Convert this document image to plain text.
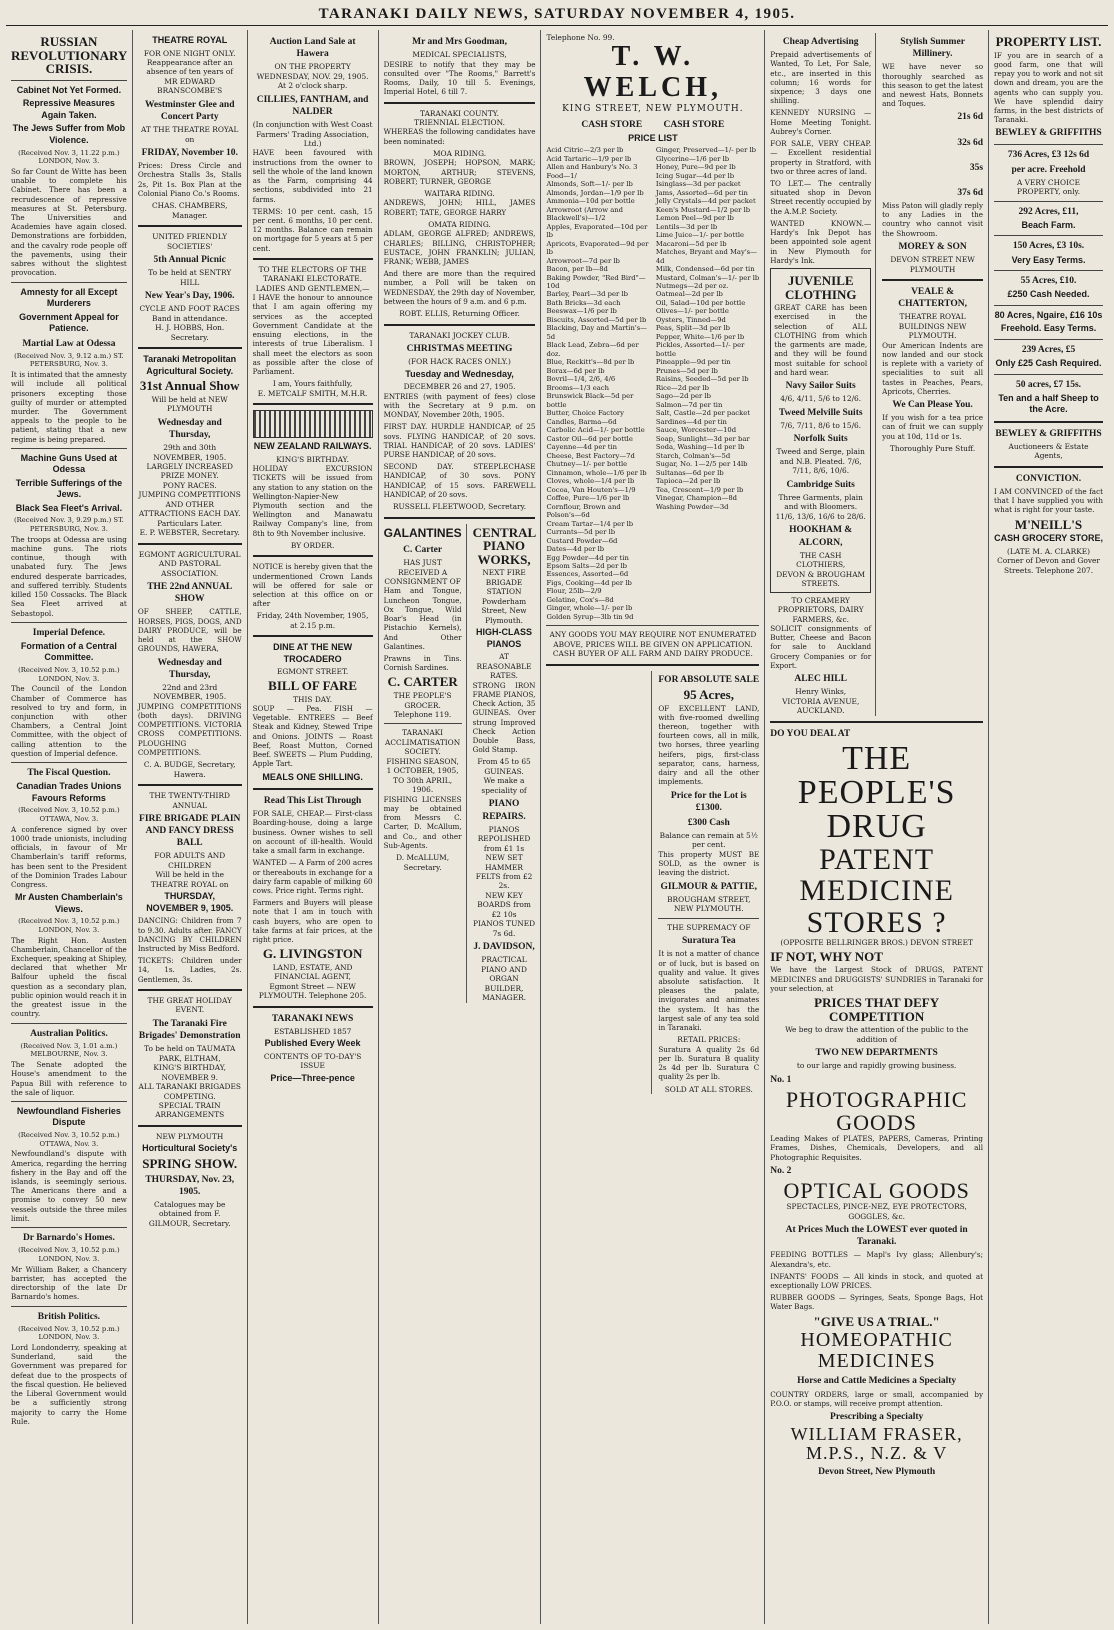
TARANAKI DAILY NEWS, SATURDAY NOVEMBER 4, 1905.
RUSSIAN REVOLUTIONARY CRISIS.
Cabinet Not Yet Formed.
Repressive Measures Again Taken.
The Jews Suffer from Mob Violence.
(Received Nov. 3, 11.22 p.m.) LONDON, Nov. 3.

So far Count de Witte has been unable to complete his Cabinet. There has been a recrudescence of repressive measures at St. Petersburg. The Universities and Academies have again closed. Demonstrations are forbidden, and the cavalry rode people off the pavements, using their sabres without the slightest provocation.

Amnesty for all Except Murderers
Government Appeal for Patience.
Martial Law at Odessa
(Received Nov. 3, 9.12 a.m.) ST. PETERSBURG, Nov. 3.

It is intimated that the amnesty will include all political prisoners excepting those guilty of murder or attempted murder. The Government appeals to the people to be patient, stating that a new regime is being prepared.

Machine Guns Used at Odessa
Terrible Sufferings of the Jews.
Black Sea Fleet's Arrival.
(Received Nov. 3, 9.29 p.m.) ST. PETERSBURG, Nov. 3.

The troops at Odessa are using machine guns. The riots continue, though with unabated fury. The Jews endured desperate barricades, and suffered terribly. Students killed 150 Cossacks. The Black Sea Fleet arrived at Sebastopol.

Imperial Defence.
Formation of a Central Committee.
(Received Nov. 3, 10.52 p.m.) LONDON, Nov. 3.

The Council of the London Chamber of Commerce has resolved to try and form, in conjunction with other Chambers, a Central Joint Committee, with the object of calling attention to the question of Imperial defence.

The Fiscal Question.
Canadian Trades Unions Favours Reforms
(Received Nov. 3, 10.52 p.m.) OTTAWA, Nov. 3.

A conference signed by over 1000 trade unionists, including officials, in favour of Mr Chamberlain's tariff reforms, has been sent to the President of the Dominion Trades Labour Congress.

Mr Austen Chamberlain's Views.
(Received Nov. 3, 10.52 p.m.) LONDON, Nov. 3.

The Right Hon. Austen Chamberlain, Chancellor of the Exchequer, speaking at Shipley, declared that whether Mr Balfour upheld the fiscal question as a secondary plan, public opinion would reach it in the greatest issue in the country.

Australian Politics.
(Received Nov. 3, 1.01 a.m.) MELBOURNE, Nov. 3.

The Senate adopted the House's amendment to the Papua Bill with reference to the sale of liquor.

Newfoundland Fisheries Dispute
(Received Nov. 3, 10.52 p.m.) OTTAWA, Nov. 3.

Newfoundland's dispute with America, regarding the herring fishery in the Bay and off the islands, is seemingly serious. The Americans there and a promise to convey 50 new vessels outside the three miles limit.

Dr Barnardo's Homes.
(Received Nov. 3, 10.52 p.m.) LONDON, Nov. 3.

Mr William Baker, a Chancery barrister, has accepted the directorship of the late Dr Barnardo's homes.

British Politics.
(Received Nov. 3, 10.52 p.m.) LONDON, Nov. 3.

Lord Londonderry, speaking at Sunderland, said the Government was prepared for defeat due to the prospects of the fiscal question. He believed the Liberal Government would be a sufficiently strong majority to carry the Home Rule.

THEATRE ROYAL
FOR ONE NIGHT ONLY.
Reappearance after an absence of ten years of
MR EDWARD BRANSCOMBE'S
Westminster Glee and Concert Party
AT THE THEATRE ROYAL on
FRIDAY, November 10.

Prices: Dress Circle and Orchestra Stalls 3s, Stalls 2s, Pit 1s. Box Plan at the Colonial Piano Co.'s Rooms.

CHAS. CHAMBERS, Manager.
UNITED FRIENDLY SOCIETIES'
5th Annual Picnic
To be held at SENTRY HILL
New Year's Day, 1906.
CYCLE AND FOOT RACES
Band in attendance.
H. J. HOBBS, Hon. Secretary.
Taranaki Metropolitan Agricultural Society.
31st Annual Show
Will be held at NEW PLYMOUTH
Wednesday and Thursday,
29th and 30th NOVEMBER, 1905.
LARGELY INCREASED PRIZE MONEY.
PONY RACES.
JUMPING COMPETITIONS AND OTHER ATTRACTIONS EACH DAY.
Particulars Later.
E. P. WEBSTER, Secretary.
EGMONT AGRICULTURAL AND PASTORAL ASSOCIATION.
THE 22nd ANNUAL SHOW

OF SHEEP, CATTLE, HORSES, PIGS, DOGS, AND DAIRY PRODUCE, will be held at the SHOW GROUNDS, HAWERA,

Wednesday and Thursday,
22nd and 23rd NOVEMBER, 1905.

JUMPING COMPETITIONS (both days). DRIVING COMPETITIONS. VICTORIA CROSS COMPETITIONS. PLOUGHING COMPETITIONS.

C. A. BUDGE, Secretary, Hawera.
THE TWENTY-THIRD ANNUAL
FIRE BRIGADE PLAIN AND FANCY DRESS BALL
FOR ADULTS AND CHILDREN
Will be held in the THEATRE ROYAL on
THURSDAY, NOVEMBER 9, 1905.

DANCING: Children from 7 to 9.30. Adults after. FANCY DANCING BY CHILDREN Instructed by Miss Bedford.

TICKETS: Children under 14, 1s. Ladies, 2s. Gentlemen, 3s.

THE GREAT HOLIDAY EVENT.
The Taranaki Fire Brigades' Demonstration
To be held on TAUMATA PARK, ELTHAM,
KING'S BIRTHDAY, NOVEMBER 9.
ALL TARANAKI BRIGADES COMPETING.
SPECIAL TRAIN ARRANGEMENTS
NEW PLYMOUTH
Horticultural Society's
SPRING SHOW.
THURSDAY, Nov. 23, 1905.
Catalogues may be obtained from F. GILMOUR, Secretary.
Auction Land Sale at Hawera
ON THE PROPERTY
WEDNESDAY, NOV. 29, 1905.
At 2 o'clock sharp.
CILLIES, FANTHAM, and NALDER
(In conjunction with West Coast Farmers' Trading Association, Ltd.)

HAVE been favoured with instructions from the owner to sell the whole of the land known as the Farm, comprising 44 sections, subdivided into 21 farms.

TERMS: 10 per cent. cash, 15 per cent. 6 months, 10 per cent. 12 months. Balance can remain on mortgage for 5 years at 5 per cent.

TO THE ELECTORS OF THE TARANAKI ELECTORATE.
LADIES AND GENTLEMEN,—

I HAVE the honour to announce that I am again offering my services as the accepted Government Candidate at the ensuing elections, in the interests of true Liberalism. I shall meet the electors as soon as possible after the close of Parliament.

I am, Yours faithfully,
E. METCALF SMITH, M.H.R.
NEW ZEALAND RAILWAYS.
KING'S BIRTHDAY.

HOLIDAY EXCURSION TICKETS will be issued from any station to any station on the Wellington-Napier-New Plymouth section and the Wellington and Manawatu Railway Company's line, from 8th to 9th November inclusive.

BY ORDER.

NOTICE is hereby given that the undermentioned Crown Lands will be offered for sale or selection at this office on or after

Friday, 24th November, 1905, at 2.15 p.m.
DINE AT THE NEW TROCADERO
EGMONT STREET.
BILL OF FARE
THIS DAY.

SOUP — Pea. FISH — Vegetable. ENTREES — Beef Steak and Kidney, Stewed Tripe and Onions. JOINTS — Roast Beef, Roast Mutton, Corned Beef. SWEETS — Plum Pudding, Apple Tart.

MEALS ONE SHILLING.
Read This List Through

FOR SALE, CHEAP.— First-class Boarding-house, doing a large business. Owner wishes to sell on account of ill-health. Would take a small farm in exchange.

WANTED — A Farm of 200 acres or thereabouts in exchange for a dairy farm capable of milking 60 cows. Price right. Terms right.

Farmers and Buyers will please note that I am in touch with cash buyers, who are open to take farms at fair prices, at the right price.

G. LIVINGSTON
LAND, ESTATE, AND FINANCIAL AGENT,
Egmont Street — NEW PLYMOUTH. Telephone 205.
TARANAKI NEWS
ESTABLISHED 1857
Published Every Week
CONTENTS OF TO-DAY'S ISSUE
Price—Three-pence
Mr and Mrs Goodman,
MEDICAL SPECIALISTS,

DESIRE to notify that they may be consulted over "The Rooms," Barrett's Rooms, Daily, 10 till 5. Evenings, Imperial Hotel, 6 till 7.

TARANAKI COUNTY.
TRIENNIAL ELECTION.

WHEREAS the following candidates have been nominated:

MOA RIDING.

BROWN, JOSEPH; HOPSON, MARK; MORTON, ARTHUR; STEVENS, ROBERT; TURNER, GEORGE

WAITARA RIDING.

ANDREWS, JOHN; HILL, JAMES ROBERT; TATE, GEORGE HARRY

OMATA RIDING.

ADLAM, GEORGE ALFRED; ANDREWS, CHARLES; BILLING, CHRISTOPHER; EUSTACE, JOHN FRANKLIN; JULIAN, FRANK; WEBB, JAMES

And there are more than the required number, a Poll will be taken on WEDNESDAY, the 29th day of November, between the hours of 9 a.m. and 6 p.m.

ROBT. ELLIS, Returning Officer.
TARANAKI JOCKEY CLUB.
CHRISTMAS MEETING
(FOR HACK RACES ONLY.)
Tuesday and Wednesday,
DECEMBER 26 and 27, 1905.

ENTRIES (with payment of fees) close with the Secretary at 9 p.m. on MONDAY, November 20th, 1905.

FIRST DAY. HURDLE HANDICAP, of 25 sovs. FLYING HANDICAP, of 20 sovs. TRIAL HANDICAP, of 20 sovs. LADIES' PURSE HANDICAP, of 20 sovs.

SECOND DAY. STEEPLECHASE HANDICAP, of 30 sovs. PONY HANDICAP, of 15 sovs. FAREWELL HANDICAP, of 20 sovs.

RUSSELL FLEETWOOD, Secretary.
GALANTINES
C. Carter
HAS JUST RECEIVED A CONSIGNMENT OF

Ham and Tongue, Luncheon Tongue, Ox Tongue, Wild Boar's Head (in Pistachio Kernels), And Other Galantines.

Prawns in Tins. Cornish Sardines.

C. CARTER
THE PEOPLE'S GROCER.
Telephone 119.
TARANAKI ACCLIMATISATION SOCIETY.
FISHING SEASON, 1 OCTOBER, 1905, TO 30th APRIL, 1906.

FISHING LICENSES may be obtained from Messrs C. Carter, D. McAllum, and Co., and other Sub-Agents.

D. McALLUM, Secretary.
CENTRAL PIANO WORKS,
NEXT FIRE BRIGADE STATION
Powderham Street, New Plymouth.
HIGH-CLASS PIANOS
AT REASONABLE RATES.

STRONG IRON FRAME PIANOS, Check Action, 35 GUINEAS. Over strung Improved Check Action Double Bass, Gold Stamp.

From 45 to 65 GUINEAS.
We make a speciality of
PIANO REPAIRS.
PIANOS REPOLISHED from £1 1s
NEW SET HAMMER FELTS from £2 2s.
NEW KEY BOARDS from £2 10s
PIANOS TUNED 7s 6d.
J. DAVIDSON,
PRACTICAL PIANO AND ORGAN BUILDER, MANAGER.
Telephone No. 99.
T. W. WELCH,
KING STREET, NEW PLYMOUTH.
CASH STORE         CASH STORE
PRICE LIST
Acid Citric—2/3 per lb
Acid Tartaric—1/9 per lb
Allen and Hanbury's No. 3 Food—1/
Almonds, Soft—1/- per lb
Almonds, Jordan—1/9 per lb
Ammonia—10d per bottle
Arrowroot (Arrow and Blackwell's)—1/2
Apples, Evaporated—10d per lb
Apricots, Evaporated—9d per lb
Arrowroot—7d per lb
Bacon, per lb—8d
Baking Powder, "Red Bird"—10d
Barley, Pearl—3d per lb
Bath Bricks—3d each
Beeswax—1/6 per lb
Biscuits, Assorted—5d per lb
Blacking, Day and Martin's—5d
Black Lead, Zebra—6d per doz.
Blue, Reckitt's—8d per lb
Borax—6d per lb
Bovril—1/4, 2/6, 4/6
Brooms—1/3 each
Brunswick Black—5d per bottle
Butter, Choice Factory
Candles, Barma—6d
Carbolic Acid—1/- per bottle
Castor Oil—6d per bottle
Cayenne—4d per tin
Cheese, Best Factory—7d
Chutney—1/- per bottle
Cinnamon, whole—1/6 per lb
Cloves, whole—1/4 per lb
Cocoa, Van Houten's—1/9
Coffee, Pure—1/6 per lb
Cornflour, Brown and Polson's—6d
Cream Tartar—1/4 per lb
Currants—5d per lb
Custard Powder—6d
Dates—4d per lb
Egg Powder—4d per tin
Epsom Salts—2d per lb
Essences, Assorted—6d
Figs, Cooking—4d per lb
Flour, 25lb—2/9
Gelatine, Cox's—8d
Ginger, whole—1/- per lb
Golden Syrup—3lb tin 9d
Ginger, Preserved—1/- per lb
Glycerine—1/6 per lb
Honey, Pure—9d per lb
Icing Sugar—4d per lb
Isinglass—3d per packet
Jams, Assorted—6d per tin
Jelly Crystals—4d per packet
Keen's Mustard—1/2 per lb
Lemon Peel—9d per lb
Lentils—3d per lb
Lime Juice—1/- per bottle
Macaroni—5d per lb
Matches, Bryant and May's—4d
Milk, Condensed—6d per tin
Mustard, Colman's—1/- per lb
Nutmegs—2d per oz.
Oatmeal—2d per lb
Oil, Salad—10d per bottle
Olives—1/- per bottle
Oysters, Tinned—9d
Peas, Split—3d per lb
Pepper, White—1/6 per lb
Pickles, Assorted—1/- per bottle
Pineapple—9d per tin
Prunes—5d per lb
Raisins, Seeded—5d per lb
Rice—2d per lb
Sago—2d per lb
Salmon—7d per tin
Salt, Castle—2d per packet
Sardines—4d per tin
Sauce, Worcester—10d
Soap, Sunlight—3d per bar
Soda, Washing—1d per lb
Starch, Colman's—5d
Sugar, No. 1—2/5 per 14lb
Sultanas—6d per lb
Tapioca—2d per lb
Tea, Crescent—1/9 per lb
Vinegar, Champion—8d
Washing Powder—3d
ANY GOODS YOU MAY REQUIRE NOT ENUMERATED ABOVE, PRICES WILL BE GIVEN ON APPLICATION.
CASH BUYER OF ALL FARM AND DAIRY PRODUCE.
FOR ABSOLUTE SALE
95 Acres,

OF EXCELLENT LAND, with five-roomed dwelling thereon, together with fourteen cows, all in milk, two horses, three yearling heifers, pigs, first-class separator, cans, harness, dairy and all the other implements.

Price for the Lot is £1300.
£300 Cash
Balance can remain at 5½ per cent.

This property MUST BE SOLD, as the owner is leaving the district.

GILMOUR & PATTIE,
BROUGHAM STREET,
NEW PLYMOUTH.
THE SUPREMACY OF
Suratura Tea

It is not a matter of chance or of luck, but is based on quality and value. It gives absolute satisfaction. It pleases the palate, invigorates and animates the system. It has the largest sale of any tea sold in Taranaki.

RETAIL PRICES:

Suratura A quality 2s 6d per lb. Suratura B quality 2s 4d per lb. Suratura C quality 2s per lb.

SOLD AT ALL STORES.
Cheap Advertising

Prepaid advertisements of Wanted, To Let, For Sale, etc., are inserted in this column; 16 words for sixpence; 3 days one shilling.

KENNEDY NURSING — Home Meeting Tonight. Aubrey's Corner.

FOR SALE, VERY CHEAP.— Excellent residential property in Stratford, with two or three acres of land.

TO LET.— The centrally situated shop in Devon Street recently occupied by the A.M.P. Society.

WANTED KNOWN.— Hardy's Ink Depot has been appointed sole agent in New Plymouth for Hardy's Ink.

JUVENILE CLOTHING

GREAT CARE has been exercised in the selection of ALL CLOTHING from which the garments are made, and they will be found most suitable for school and hard wear.

Navy Sailor Suits
4/6, 4/11, 5/6 to 12/6.
Tweed Melville Suits
7/6, 7/11, 8/6 to 15/6.
Norfolk Suits
Tweed and Serge, plain and N.B. Pleated. 7/6, 7/11, 8/6, 10/6.
Cambridge Suits
Three Garments, plain and with Bloomers. 11/6, 13/6, 16/6 to 28/6.
HOOKHAM & ALCORN,
THE CASH CLOTHIERS,
DEVON & BROUGHAM STREETS.
TO CREAMERY PROPRIETORS, DAIRY FARMERS, &c.

SOLICIT consignments of Butter, Cheese and Bacon for sale to Auckland Grocery Companies or for Export.

ALEC HILL
Henry Winks,
VICTORIA AVENUE, AUCKLAND.
Stylish Summer Millinery.

WE have never so thoroughly searched as this season to get the latest and newest Hats, Bonnets and Toques.

21s 6d
32s 6d
35s
37s 6d

Miss Paton will gladly reply to any Ladies in the country who cannot visit the Showroom.

MOREY & SON
DEVON STREET NEW PLYMOUTH
VEALE & CHATTERTON,
THEATRE ROYAL BUILDINGS NEW PLYMOUTH.

Our American Indents are now landed and our stock is replete with a variety of specialities to suit all tastes in Peaches, Pears, Apricots, Cherries.

We Can Please You.

If you wish for a tea price can of fruit we can supply you at 10d, 11d or 1s.

Thoroughly Pure Stuff.
DO YOU DEAL AT
THE PEOPLE'S DRUG
PATENT MEDICINE STORES ?
(OPPOSITE BELLRINGER BROS.) DEVON STREET
IF NOT, WHY NOT

We have the Largest Stock of DRUGS, PATENT MEDICINES and DRUGGISTS' SUNDRIES in Taranaki for your selection, at

PRICES THAT DEFY COMPETITION
We beg to draw the attention of the public to the addition of
TWO NEW DEPARTMENTS
to our large and rapidly growing business.
No. 1
PHOTOGRAPHIC GOODS

Leading Makes of PLATES, PAPERS, Cameras, Printing Frames, Dishes, Chemicals, Developers, and all Photographic Requisites.

No. 2
OPTICAL GOODS
SPECTACLES, PINCE-NEZ, EYE PROTECTORS, GOGGLES, &c.
At Prices Much the LOWEST ever quoted in Taranaki.

FEEDING BOTTLES — Mapl's Ivy glass; Allenbury's; Alexandra's, etc.

INFANTS' FOODS — All kinds in stock, and quoted at exceptionally LOW PRICES.

RUBBER GOODS — Syringes, Seats, Sponge Bags, Hot Water Bags.

"GIVE US A TRIAL."
HOMEOPATHIC MEDICINES
Horse and Cattle Medicines a Specialty

COUNTRY ORDERS, large or small, accompanied by P.O.O. or stamps, will receive prompt attention.

Prescribing a Specialty
WILLIAM FRASER, M.P.S., N.Z. & V
Devon Street, New Plymouth
PROPERTY LIST.

IF you are in search of a good farm, one that will repay you to work and not sit down and dream, you are the agents who can supply you. We have splendid dairy farms, in the best districts of Taranaki.

BEWLEY & GRIFFITHS
736 Acres, £3 12s 6d
per acre. Freehold
A VERY CHOICE PROPERTY, only.
292 Acres, £11,
Beach Farm.
150 Acres, £3 10s.
Very Easy Terms.
55 Acres, £10.
£250 Cash Needed.
80 Acres, Ngaire, £16 10s
Freehold. Easy Terms.
239 Acres, £5
Only £25 Cash Required.
50 acres, £7 15s.
Ten and a half Sheep to the Acre.
BEWLEY & GRIFFITHS
Auctioneers & Estate Agents,
CONVICTION.

I AM CONVINCED of the fact that I have supplied you with what is right for your taste.

M'NEILL'S
CASH GROCERY STORE,
(LATE M. A. CLARKE) Corner of Devon and Gover Streets. Telephone 207.
